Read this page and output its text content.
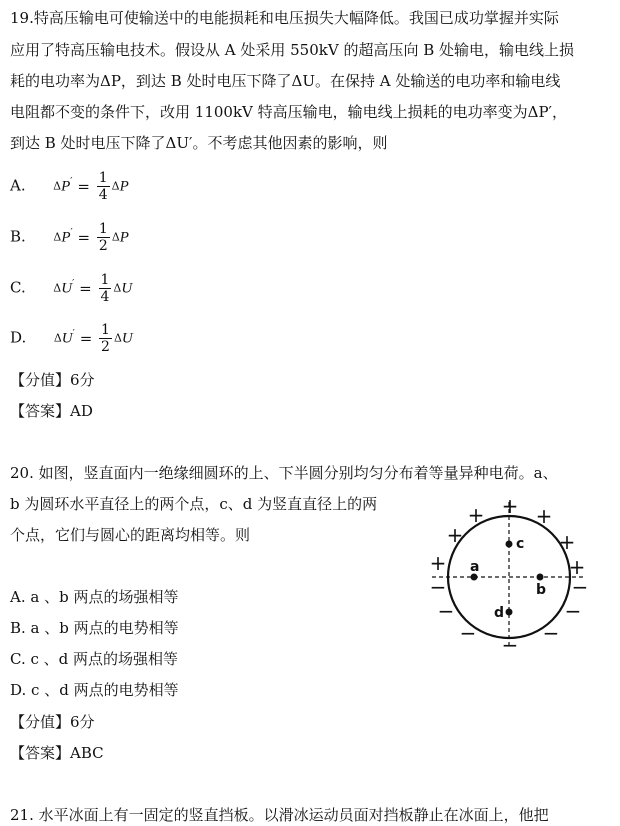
19.特高压输电可使输送中的电能损耗和电压损失大幅降低。我国已成功掌握并实际
应用了特高压输电技术。假设从 A 处采用 550kV 的超高压向 B 处输电，输电线上损
耗的电功率为ΔP，到达 B 处时电压下降了ΔU。在保持 A 处输送的电功率和输电线
电阻都不变的条件下，改用 1100kV 特高压输电，输电线上损耗的电功率变为ΔP′，
到达 B 处时电压下降了ΔU′。不考虑其他因素的影响，则
A.	$\Delta P' = \frac{1}{4}$ ΔP
B.	$\Delta P' = \frac{1}{2}$ ΔP
C.	$\Delta U' = \frac{1}{4}$ ΔU
D.	$\Delta U' = \frac{1}{2}$ ΔU
【分值】6分
【答案】AD
20. 如图，竖直面内一绝缘细圆环的上、下半圆分别均匀分布着等量异种电荷。a、
b 为圆环水平直径上的两个点，c、d 为竖直直径上的两
个点，它们与圆心的距离均相等。则
A. a 、b 两点的场强相等
B. a 、b 两点的电势相等
C. c 、d 两点的场强相等
D. c 、d 两点的电势相等
【分值】6分
【答案】ABC
+
+	+
+	+
+	+
−	−
−	−
−	−
−
a
b
c
d
21. 水平冰面上有一固定的竖直挡板。以滑冰运动员面对挡板静止在冰面上，他把
